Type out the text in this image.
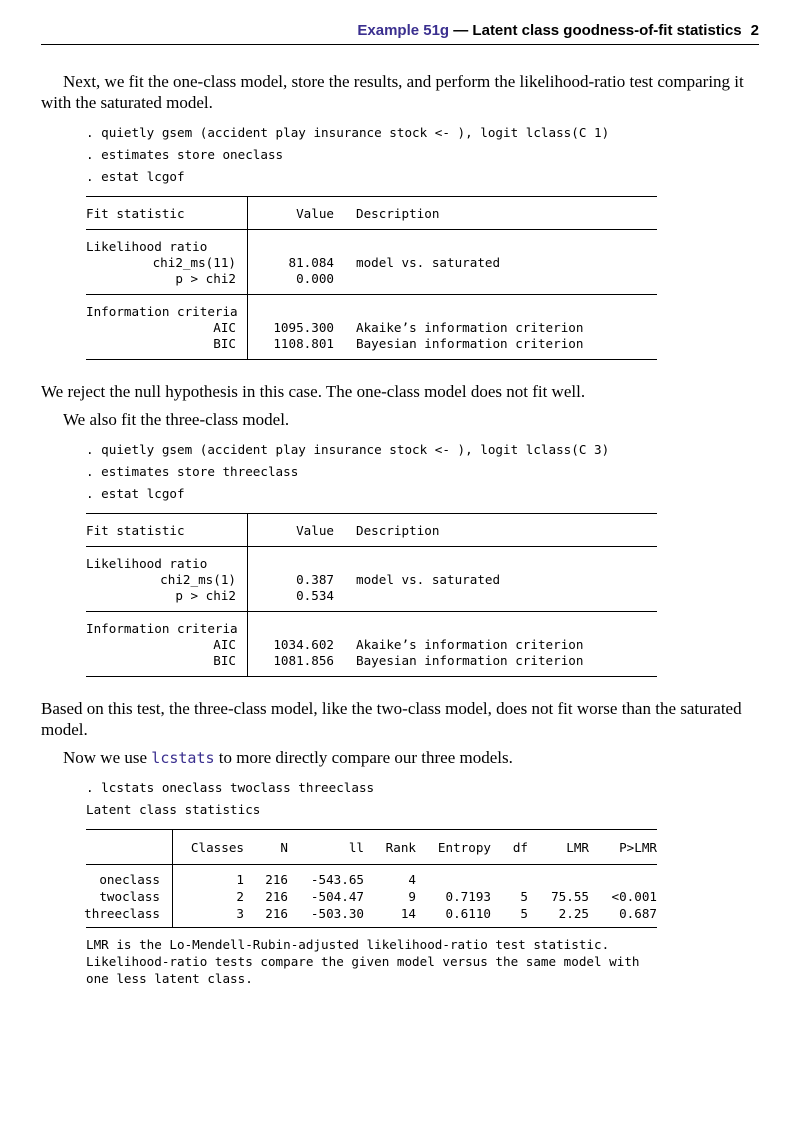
Example 51g — Latent class goodness-of-fit statistics 2
Next, we fit the one-class model, store the results, and perform the likelihood-ratio test comparing it with the saturated model.
. quietly gsem (accident play insurance stock <- ), logit lclass(C 1)
. estimates store oneclass
. estat lcgof
Fit statistic	Value Description
Likelihood ratio
chi2_ms(11)	81.084 model vs. saturated
p > chi2	0.000
Information criteria
AIC	1095.300 Akaike’s information criterion
BIC	1108.801 Bayesian information criterion
We reject the null hypothesis in this case. The one-class model does not fit well.
We also fit the three-class model.
. quietly gsem (accident play insurance stock <- ), logit lclass(C 3)
. estimates store threeclass
. estat lcgof
Fit statistic	Value Description
Likelihood ratio
chi2_ms(1)	0.387 model vs. saturated
p > chi2	0.534
Information criteria
AIC	1034.602 Akaike’s information criterion
BIC	1081.856 Bayesian information criterion
Based on this test, the three-class model, like the two-class model, does not fit worse than the saturated model.
Now we use lcstats to more directly compare our three models.
. lcstats oneclass twoclass threeclass
Latent class statistics
Classes	N	ll Rank Entropy df	LMR P>LMR
oneclass	1 216 -543.65	4
twoclass	2 216 -504.47	9 0.7193 5 75.55 <0.001
threeclass	3 216 -503.30	14 0.6110 5 2.25 0.687
LMR is the Lo-Mendell-Rubin-adjusted likelihood-ratio test statistic.
Likelihood-ratio tests compare the given model versus the same model with
one less latent class.
